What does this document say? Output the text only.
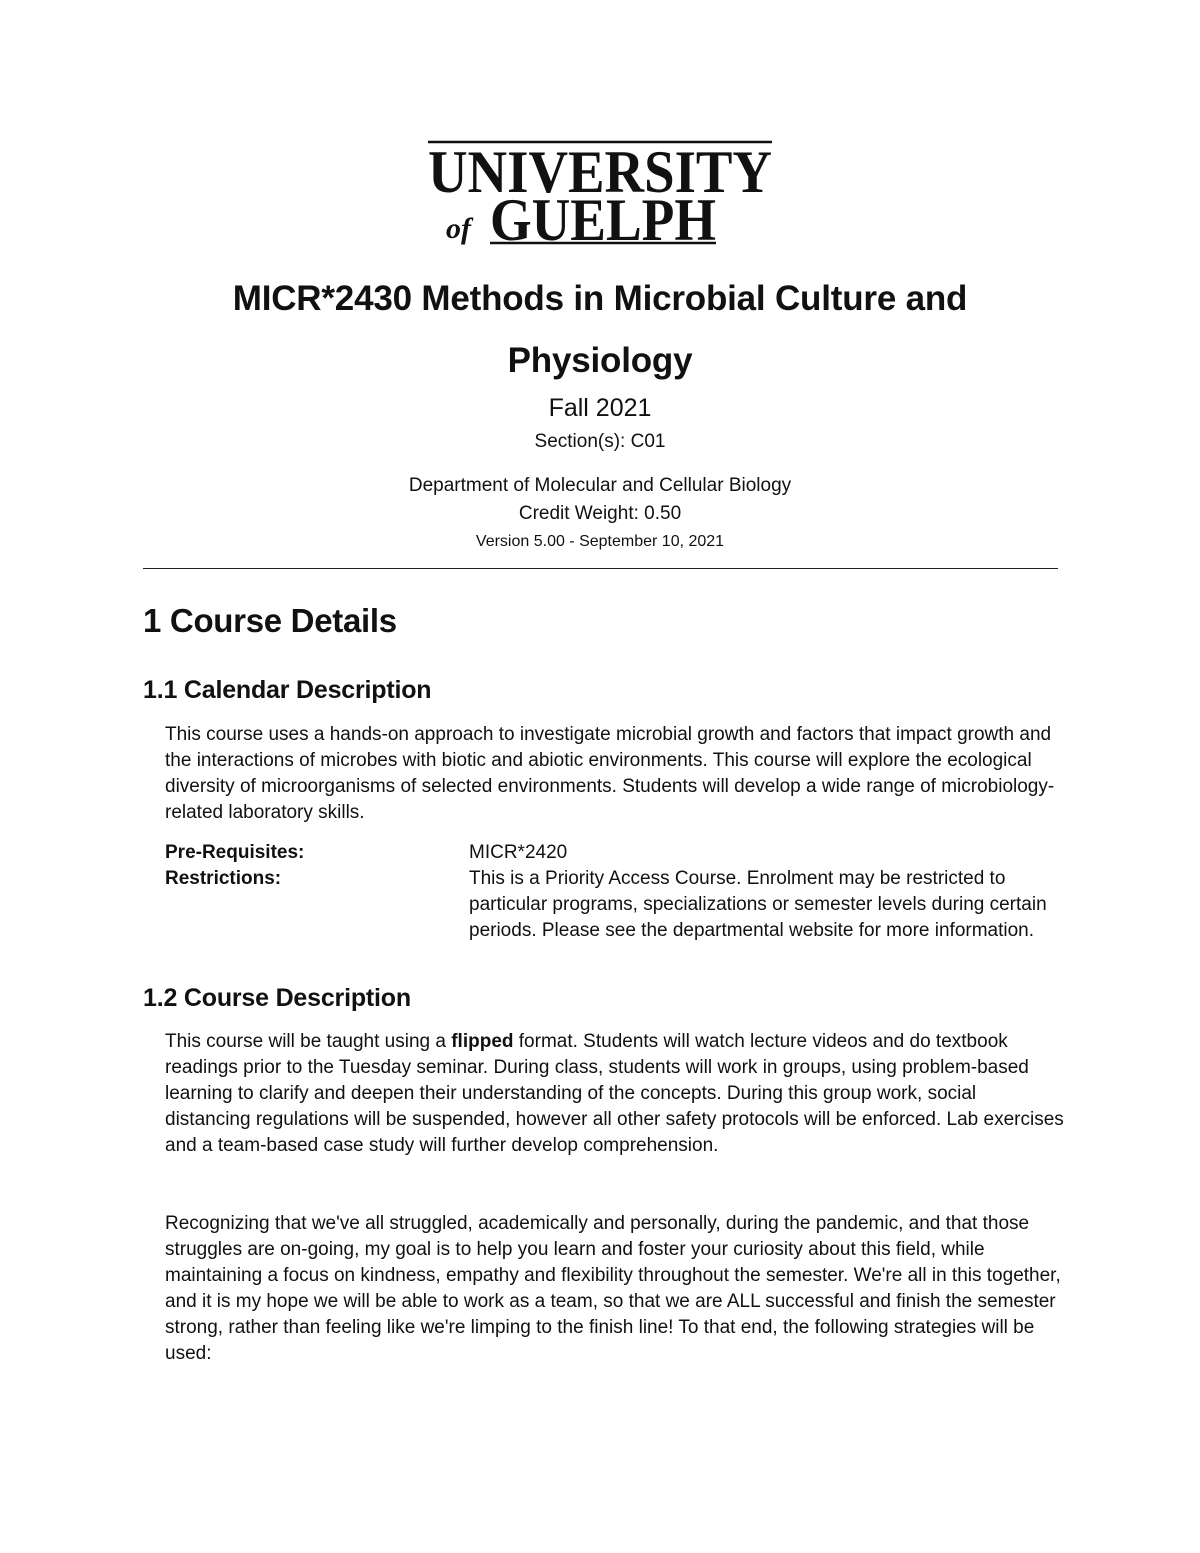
UNIVERSITY
of GUELPH
MICR*2430 Methods in Microbial Culture and
Physiology
Fall 2021
Section(s): C01
Department of Molecular and Cellular Biology
Credit Weight: 0.50
Version 5.00 - September 10, 2021
1 Course Details
1.1 Calendar Description

This course uses a hands-on approach to investigate microbial growth and factors that impact growth and the interactions of microbes with biotic and abiotic environments. This course will explore the ecological diversity of microorganisms of selected environments. Students will develop a wide range of microbiology-related laboratory skills.

Pre-Requisites:	MICR*2420
Restrictions:	This is a Priority Access Course. Enrolment may be restricted to particular programs, specializations or semester levels during certain periods. Please see the departmental website for more information.
1.2 Course Description

This course will be taught using a flipped format. Students will watch lecture videos and do textbook readings prior to the Tuesday seminar. During class, students will work in groups, using problem-based learning to clarify and deepen their understanding of the concepts. During this group work, social distancing regulations will be suspended, however all other safety protocols will be enforced. Lab exercises and a team-based case study will further develop comprehension.

Recognizing that we've all struggled, academically and personally, during the pandemic, and that those struggles are on-going, my goal is to help you learn and foster your curiosity about this field, while maintaining a focus on kindness, empathy and flexibility throughout the semester. We're all in this together, and it is my hope we will be able to work as a team, so that we are ALL successful and finish the semester strong, rather than feeling like we're limping to the finish line! To that end, the following strategies will be used:
